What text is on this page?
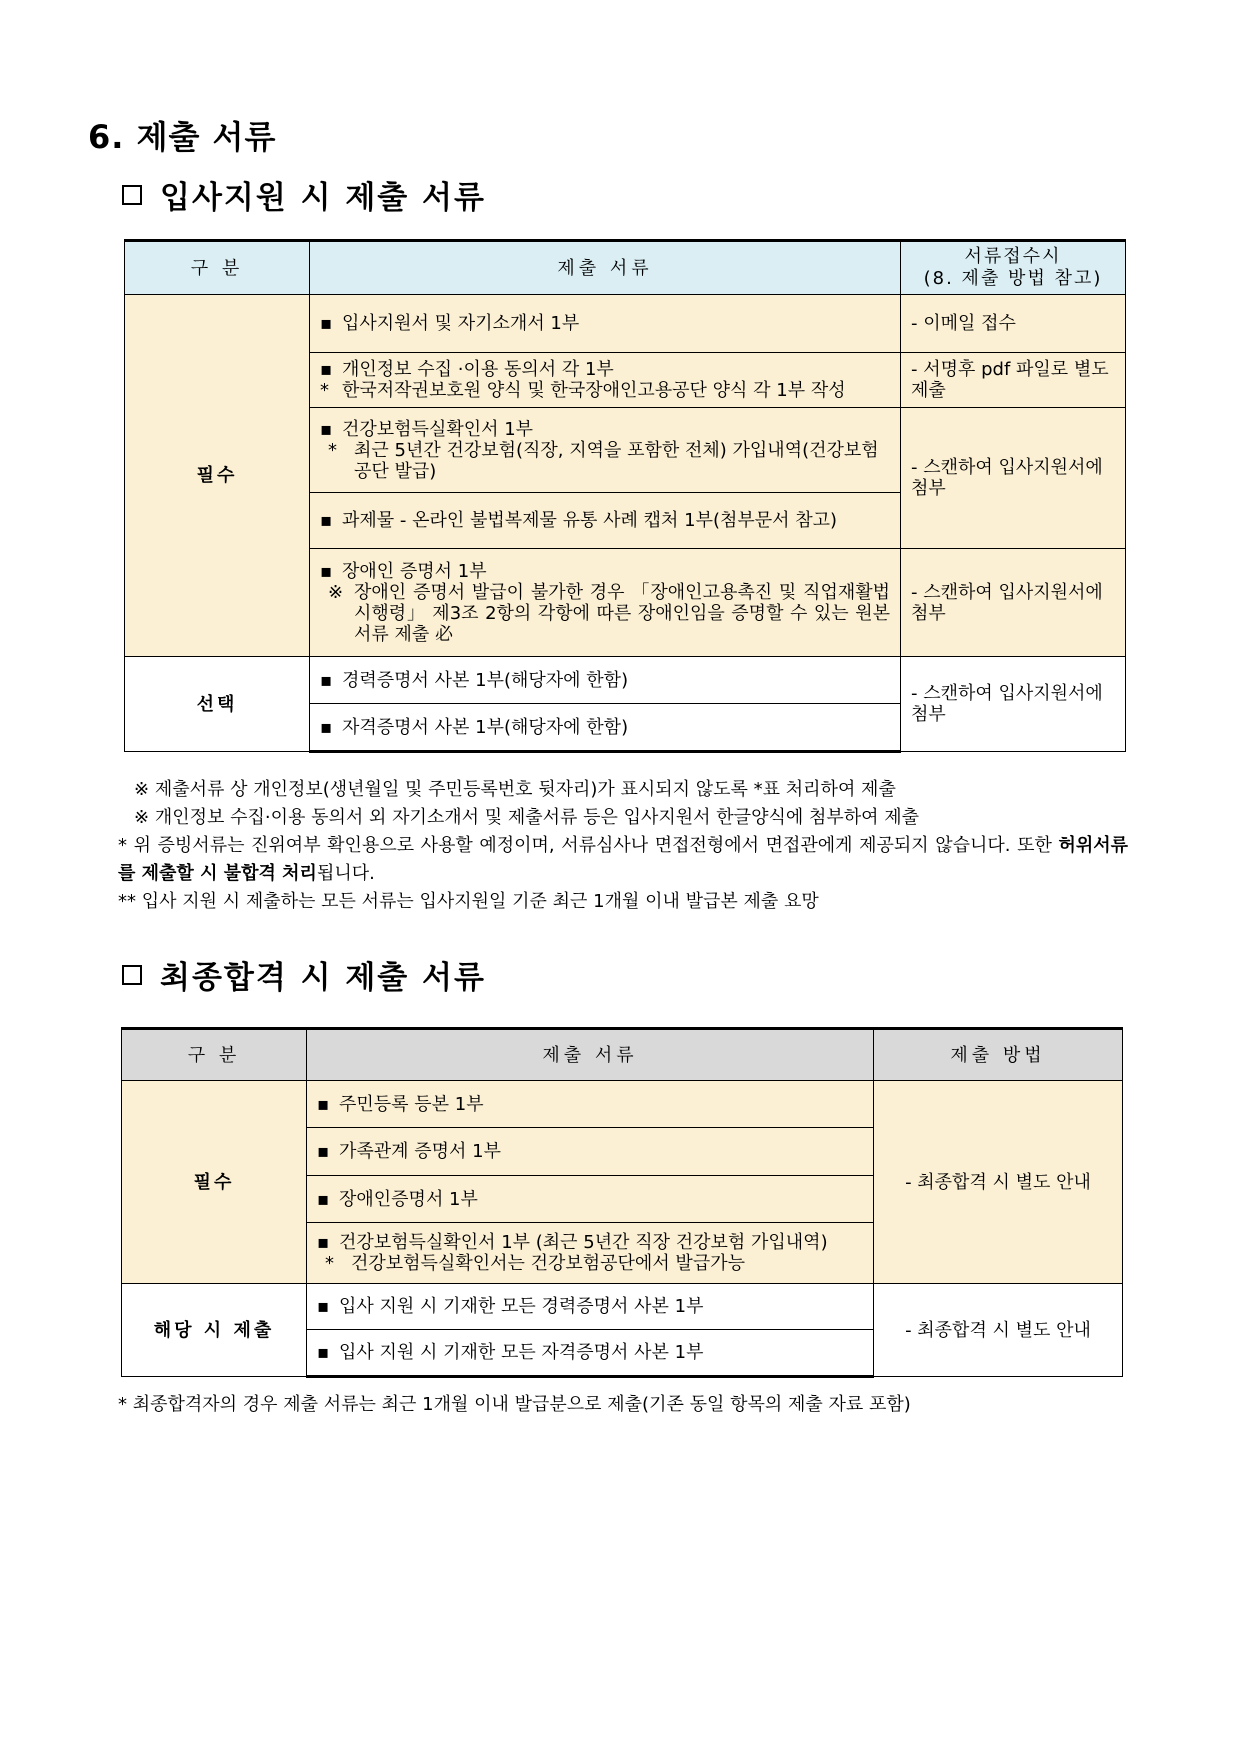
6. 제출 서류
입사지원 시 제출 서류
구 분	제출 서류	서류접수시
(8. 제출 방법 참고)

필수	▪ 입사지원서 및 자기소개서 1부	- 이메일 접수

	▪ 개인정보 수집 ·이용 동의서 각 1부
* 한국저작권보호원 양식 및 한국장애인고용공단 양식 각 1부 작성	- 서명후 pdf 파일로 별도 제출

	▪ 건강보험득실확인서 1부
* 최근 5년간 건강보험(직장, 지역을 포함한 전체) 가입내역(건강보험 공단 발급)	- 스캔하여 입사지원서에 첨부

	▪ 과제물 - 온라인 불법복제물 유통 사례 캡처 1부(첨부문서 참고)	

	▪ 장애인 증명서 1부
※ 장애인 증명서 발급이 불가한 경우 「장애인고용촉진 및 직업재활법 시행령」 제3조 2항의 각항에 따른 장애인임을 증명할 수 있는 원본 서류 제출 必	- 스캔하여 입사지원서에 첨부
선택	▪ 경력증명서 사본 1부(해당자에 한함)	- 스캔하여 입사지원서에 첨부

	▪ 자격증명서 사본 1부(해당자에 한함)	
※ 제출서류 상 개인정보(생년월일 및 주민등록번호 뒷자리)가 표시되지 않도록 *표 처리하여 제출
※ 개인정보 수집·이용 동의서 외 자기소개서 및 제출서류 등은 입사지원서 한글양식에 첨부하여 제출
* 위 증빙서류는 진위여부 확인용으로 사용할 예정이며, 서류심사나 면접전형에서 면접관에게 제공되지 않습니다. 또한 허위서류를 제출할 시 불합격 처리됩니다.
** 입사 지원 시 제출하는 모든 서류는 입사지원일 기준 최근 1개월 이내 발급본 제출 요망
최종합격 시 제출 서류
구 분	제출 서류	제출 방법
필수	▪ 주민등록 등본 1부	- 최종합격 시 별도 안내

	▪ 가족관계 증명서 1부	

	▪ 장애인증명서 1부	

	▪ 건강보험득실확인서 1부 (최근 5년간 직장 건강보험 가입내역)
* 건강보험득실확인서는 건강보험공단에서 발급가능	

해당 시 제출	▪ 입사 지원 시 기재한 모든 경력증명서 사본 1부	- 최종합격 시 별도 안내

	▪ 입사 지원 시 기재한 모든 자격증명서 사본 1부	
* 최종합격자의 경우 제출 서류는 최근 1개월 이내 발급분으로 제출(기존 동일 항목의 제출 자료 포함)
